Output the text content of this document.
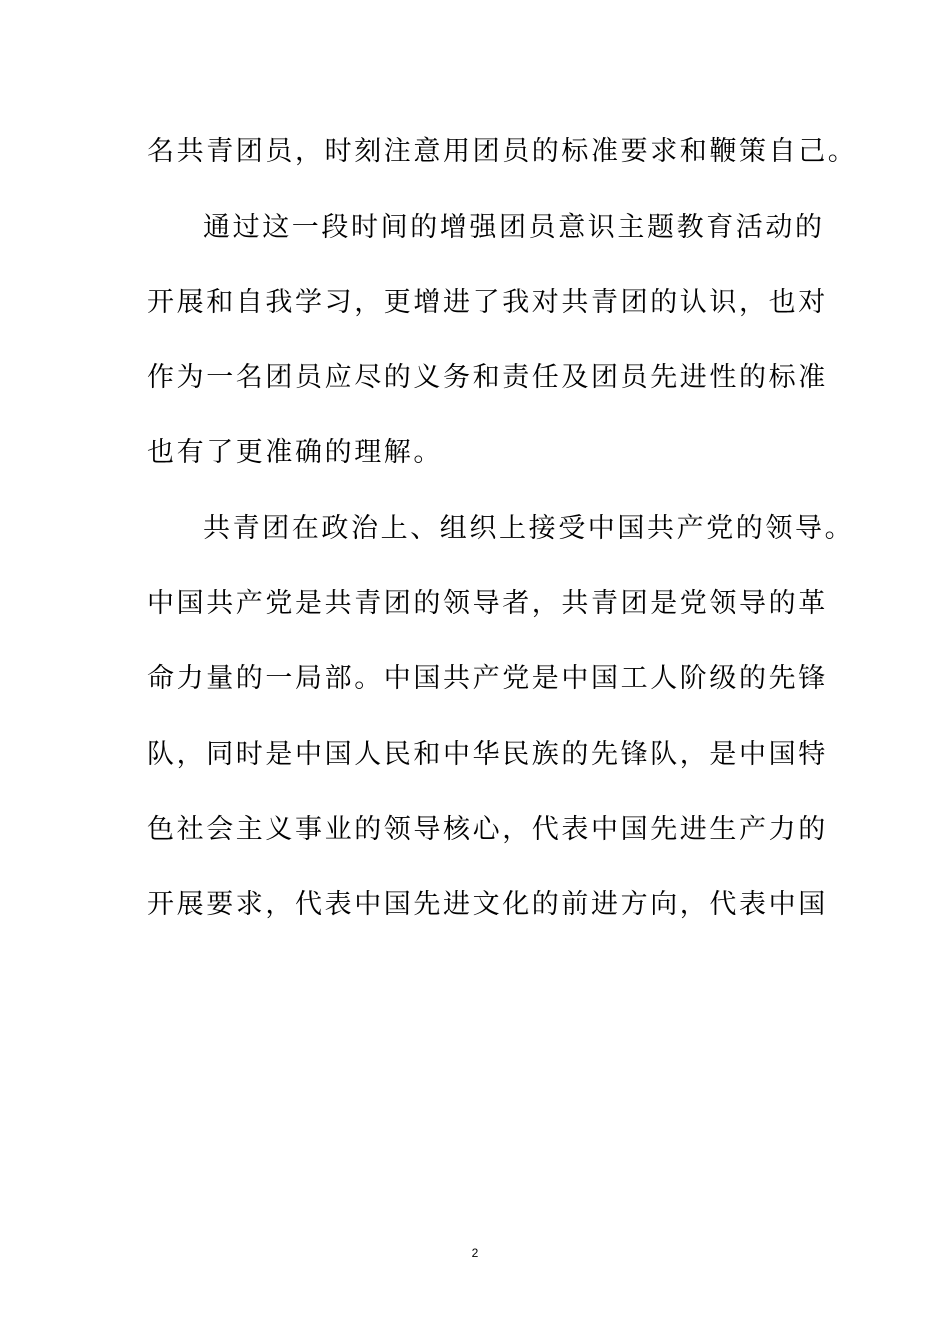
名共青团员，时刻注意用团员的标准要求和鞭策自己。
通过这一段时间的增强团员意识主题教育活动的
开展和自我学习，更增进了我对共青团的认识，也对
作为一名团员应尽的义务和责任及团员先进性的标准
也有了更准确的理解。
共青团在政治上、组织上接受中国共产党的领导。
中国共产党是共青团的领导者，共青团是党领导的革
命力量的一局部。中国共产党是中国工人阶级的先锋
队，同时是中国人民和中华民族的先锋队，是中国特
色社会主义事业的领导核心，代表中国先进生产力的
开展要求，代表中国先进文化的前进方向，代表中国
2
